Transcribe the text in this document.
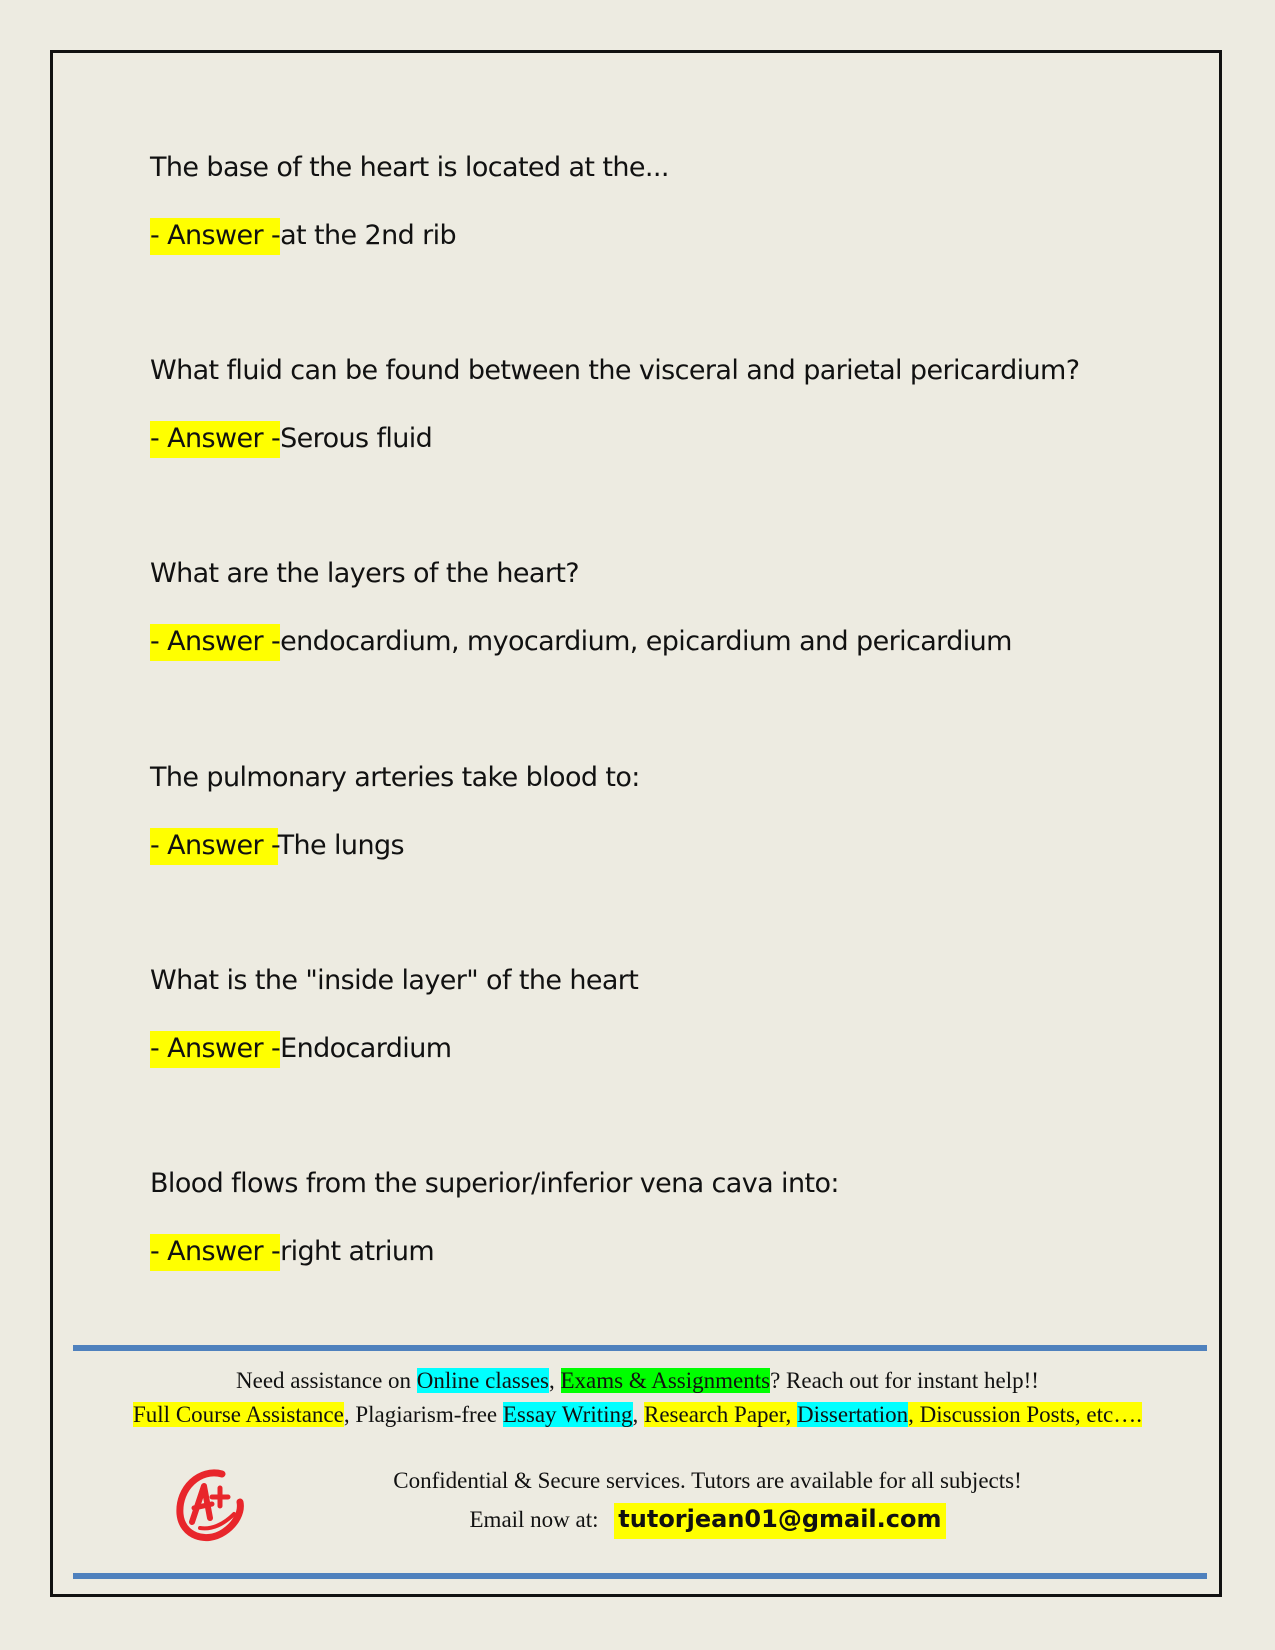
The base of the heart is located at the...
- Answer -at the 2nd rib
What fluid can be found between the visceral and parietal pericardium?
- Answer -Serous fluid
What are the layers of the heart?
- Answer -endocardium, myocardium, epicardium and pericardium
The pulmonary arteries take blood to:
- Answer -The lungs
What is the "inside layer" of the heart
- Answer -Endocardium
Blood flows from the superior/inferior vena cava into:
- Answer -right atrium
Need assistance on Online classes, Exams & Assignments? Reach out for instant help!!
Full Course Assistance, Plagiarism-free Essay Writing, Research Paper, Dissertation, Discussion Posts, etc….
Confidential & Secure services. Tutors are available for all subjects!
Email now at: tutorjean01@gmail.com
